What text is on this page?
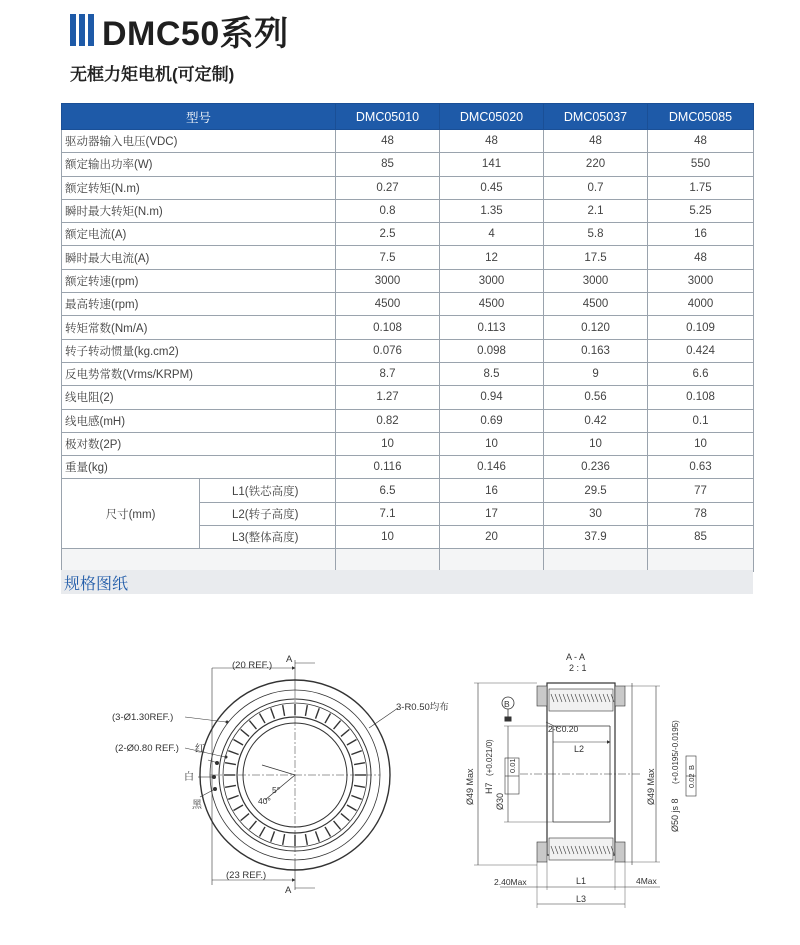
DMC50系列
无框力矩电机(可定制)
型号		DMC05010	DMC05020	DMC05037	DMC05085
驱动器输入电压(VDC)		48	48	48	48
额定输出功率(W)		85	141	220	550
额定转矩(N.m)		0.27	0.45	0.7	1.75
瞬时最大转矩(N.m)		0.8	1.35	2.1	5.25
额定电流(A)		2.5	4	5.8	16
瞬时最大电流(A)		7.5	12	17.5	48
额定转速(rpm)		3000	3000	3000	3000
最高转速(rpm)		4500	4500	4500	4000
转矩常数(Nm/A)		0.108	0.113	0.120	0.109
转子转动惯量(kg.cm2)		0.076	0.098	0.163	0.424
反电势常数(Vrms/KRPM)		8.7	8.5	9	6.6
线电阻(2)		1.27	0.94	0.56	0.108
线电感(mH)		0.82	0.69	0.42	0.1
极对数(2P)		10	10	10	10
重量(kg)		0.116	0.146	0.236	0.63
尺寸(mm)	L1(铁芯高度)	6.5	16	29.5	77
	L2(转子高度)	7.1	17	30	78
	L3(整体高度)	10	20	37.9	85

规格图纸
(20 REF.)
(23 REF.)
A
A
(3-Ø1.30REF.)
(2-Ø0.80 REF.) 红
白
黑
3-R0.50均布
5°
40°
A - A
2 : 1
B
2-C0.20
L2
L1
L3
2.40Max	4Max
Ø49 Max H7
(+0.021/0)
Ø30
0.01
Ø49 Max
Ø50 js 8
(+0.0195/-0.0195) 0.02
B
